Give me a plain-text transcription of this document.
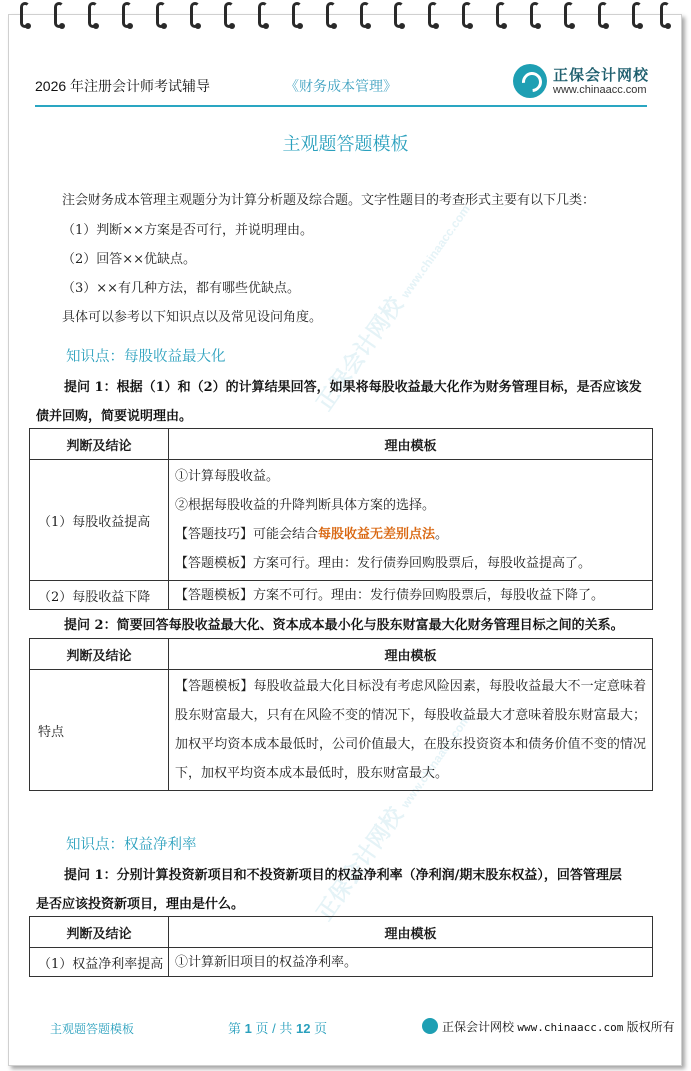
正保会计网校 www.chinaacc.com
正保会计网校 www.chinaacc.com
2026 年注册会计师考试辅导	《财务成本管理》
正保会计网校
www.chinaacc.com
主观题答题模板
注会财务成本管理主观题分为计算分析题及综合题。文字性题目的考查形式主要有以下几类：
（1）判断××方案是否可行，并说明理由。
（2）回答××优缺点。
（3）××有几种方法，都有哪些优缺点。
具体可以参考以下知识点以及常见设问角度。
知识点：每股收益最大化
提问 1：根据（1）和（2）的计算结果回答，如果将每股收益最大化作为财务管理目标，是否应该发
债并回购，简要说明理由。
判断及结论	理由模板
（1）每股收益提高	①计算每股收益。
②根据每股收益的升降判断具体方案的选择。
【答题技巧】可能会结合每股收益无差别点法。
【答题模板】方案可行。理由：发行债券回购股票后，每股收益提高了。

（2）每股收益下降	【答题模板】方案不可行。理由：发行债券回购股票后，每股收益下降了。
提问 2：简要回答每股收益最大化、资本成本最小化与股东财富最大化财务管理目标之间的关系。
判断及结论	理由模板
特点	【答题模板】每股收益最大化目标没有考虑风险因素，每股收益最大不一定意味着股东财富最大，只有在风险不变的情况下，每股收益最大才意味着股东财富最大；加权平均资本成本最低时，公司价值最大，在股东投资资本和债务价值不变的情况下，加权平均资本成本最低时，股东财富最大。
知识点：权益净利率
提问 1：分别计算投资新项目和不投资新项目的权益净利率（净利润/期末股东权益），回答管理层
是否应该投资新项目，理由是什么。
判断及结论	理由模板
（1）权益净利率提高	①计算新旧项目的权益净利率。
主观题答题模板	第 1 页 / 共 12 页	正保会计网校 www.chinaacc.com 版权所有
